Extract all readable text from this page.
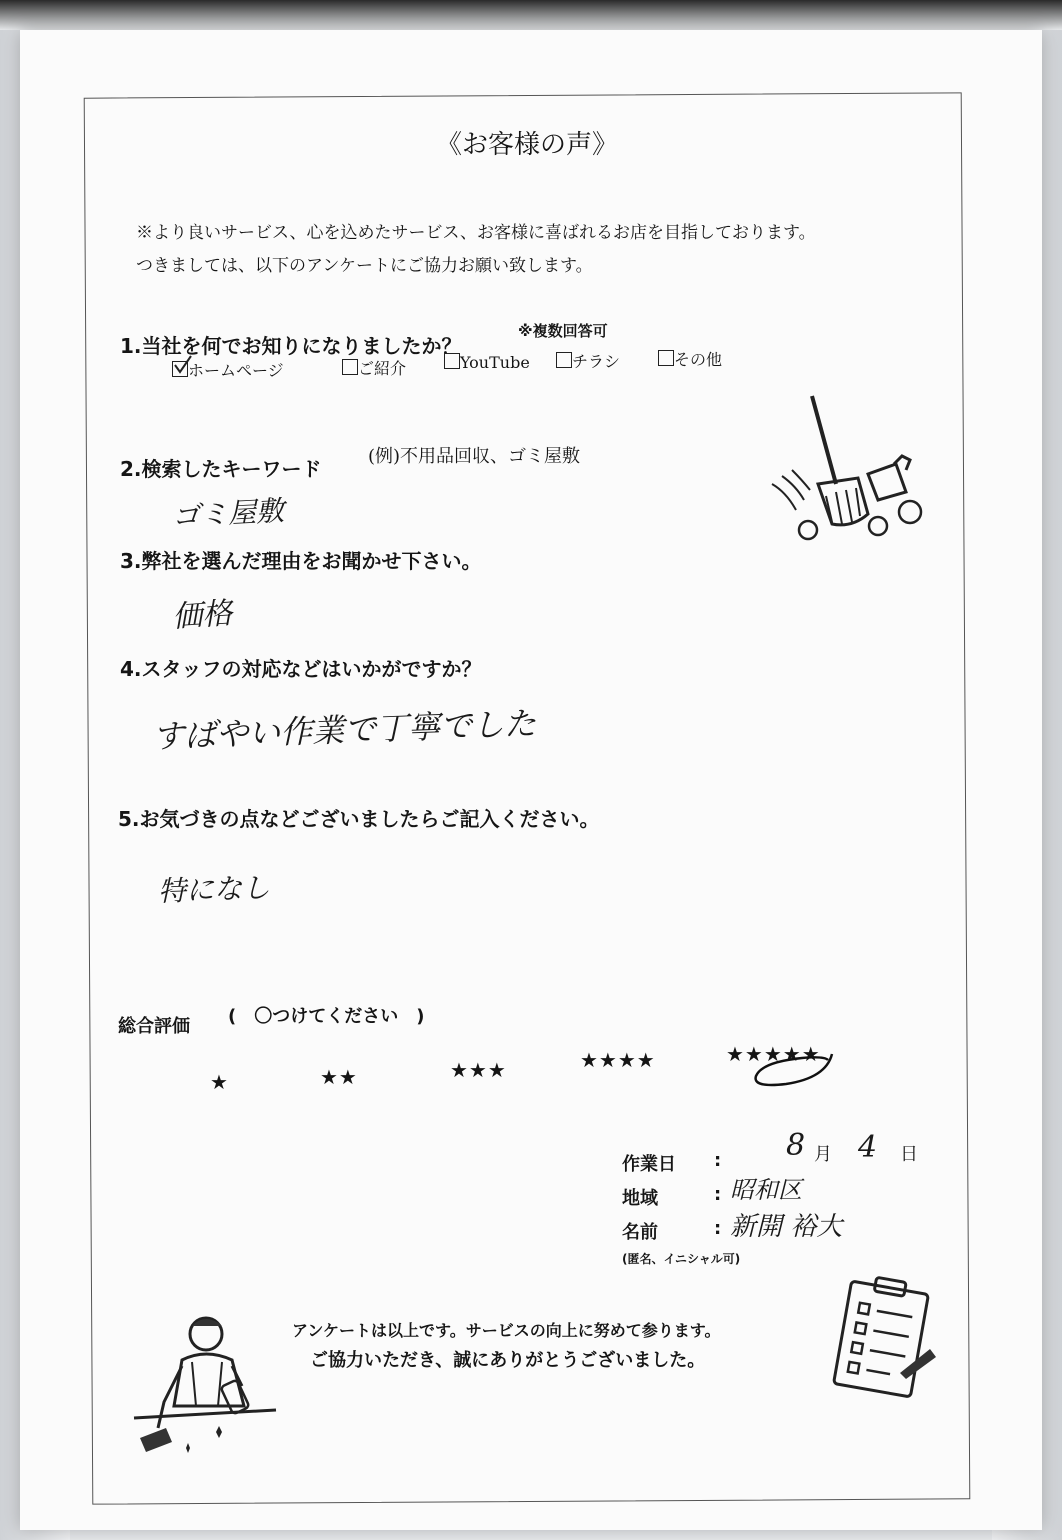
《お客様の声》
※より良いサービス、心を込めたサービス、お客様に喜ばれるお店を目指しております。
つきましては、以下のアンケートにご協力お願い致します。
1.当社を何でお知りになりましたか？
※複数回答可
ホームページ	ご紹介	YouTube	チラシ	その他
2.検索したキーワード
(例)不用品回収、ゴミ屋敷
ゴミ屋敷
3.弊社を選んだ理由をお聞かせ下さい。
価格
4.スタッフの対応などはいかがですか？
すばやい作業で丁寧でした
5.お気づきの点などございましたらご記入ください。
特になし
総合評価 (　〇つけてください　)
★	★★	★★★	★★★★	★★★★★
作業日 : 8 月 4 日
地域	: 昭和区
名前	: 新開 裕大
(匿名、イニシャル可)
アンケートは以上です。サービスの向上に努めて参ります。
ご協力いただき、誠にありがとうございました。
